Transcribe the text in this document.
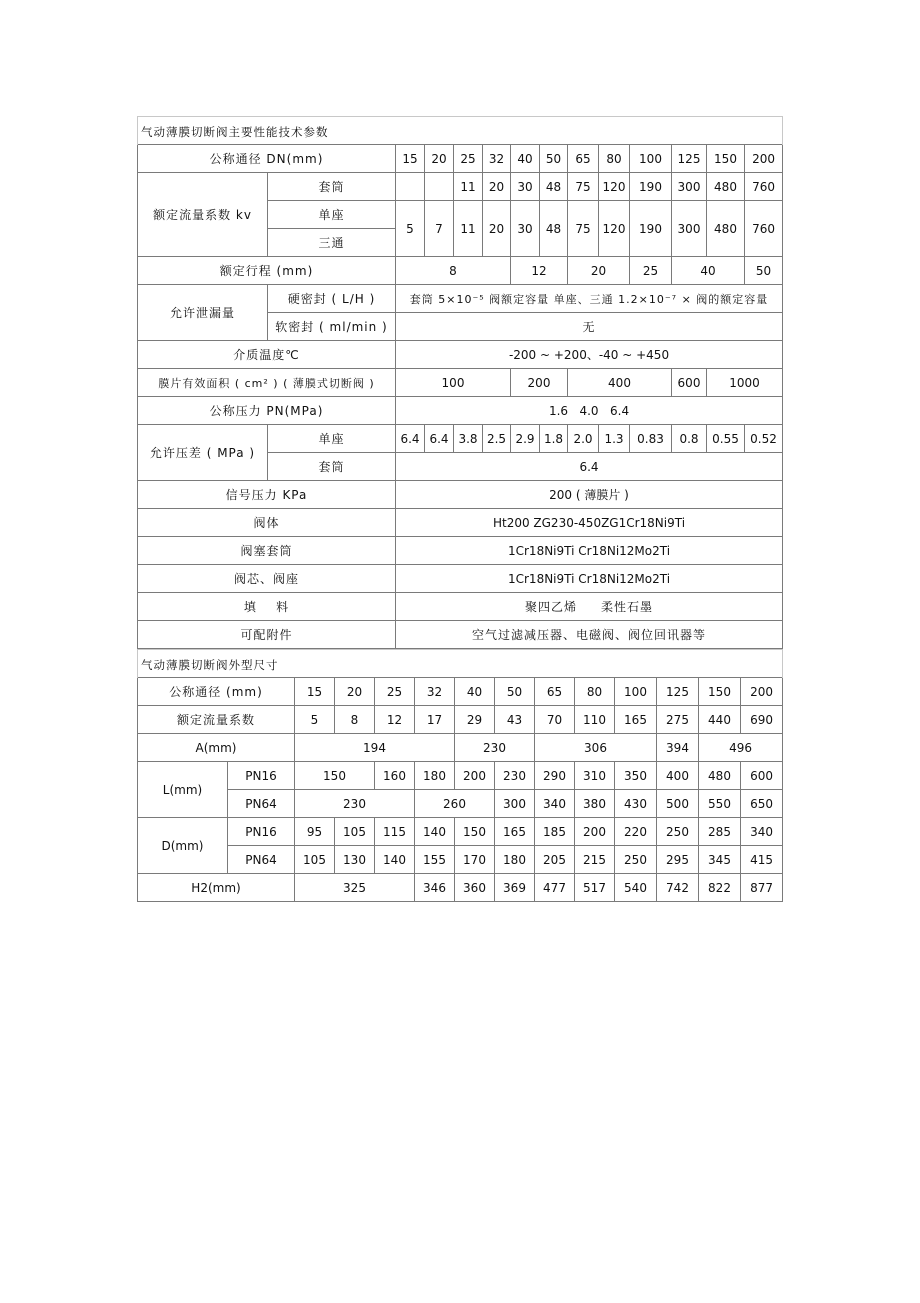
气动薄膜切断阀主要性能技术参数													
公称通径 DN(mm)		15	20	25	32	40	50	65	80	100	125	150	200
额定流量系数 kv	套筒			11	20	30	48	75	120	190	300	480	760
	单座	5	7	11	20	30	48	75	120	190	300	480	760
	三通												
额定行程 (mm)		8				12		20		25	40		50
允许泄漏量	硬密封 ( L/H )	套筒 5×10⁻⁵ 阀额定容量 单座、三通 1.2×10⁻⁷ × 阀的额定容量											
	软密封 ( ml/min )	无											
介质温度℃		-200 ~ +200、-40 ~ +450											
膜片有效面积 ( cm² ) ( 薄膜式切断阀 )		100				200		400			600	1000	
公称压力 PN(MPa)		1.6   4.0   6.4											
允许压差 ( MPa )	单座	6.4	6.4	3.8	2.5	2.9	1.8	2.0	1.3	0.83	0.8	0.55	0.52
	套筒	6.4											
信号压力 KPa		200 ( 薄膜片 )											
阀体		Ht200 ZG230-450ZG1Cr18Ni9Ti											
阀塞套筒		1Cr18Ni9Ti Cr18Ni12Mo2Ti											
阀芯、阀座		1Cr18Ni9Ti Cr18Ni12Mo2Ti											
填    料		聚四乙烯     柔性石墨											
可配附件		空气过滤减压器、电磁阀、阀位回讯器等											
气动薄膜切断阀外型尺寸													
公称通径 (mm)		15	20	25	32	40	50	65	80	100	125	150	200
额定流量系数		5	8	12	17	29	43	70	110	165	275	440	690
A(mm)		194				230		306			394	496	
L(mm)	PN16	150		160	180	200	230	290	310	350	400	480	600
	PN64	230			260		300	340	380	430	500	550	650
D(mm)	PN16	95	105	115	140	150	165	185	200	220	250	285	340
	PN64	105	130	140	155	170	180	205	215	250	295	345	415
H2(mm)		325			346	360	369	477	517	540	742	822	877
